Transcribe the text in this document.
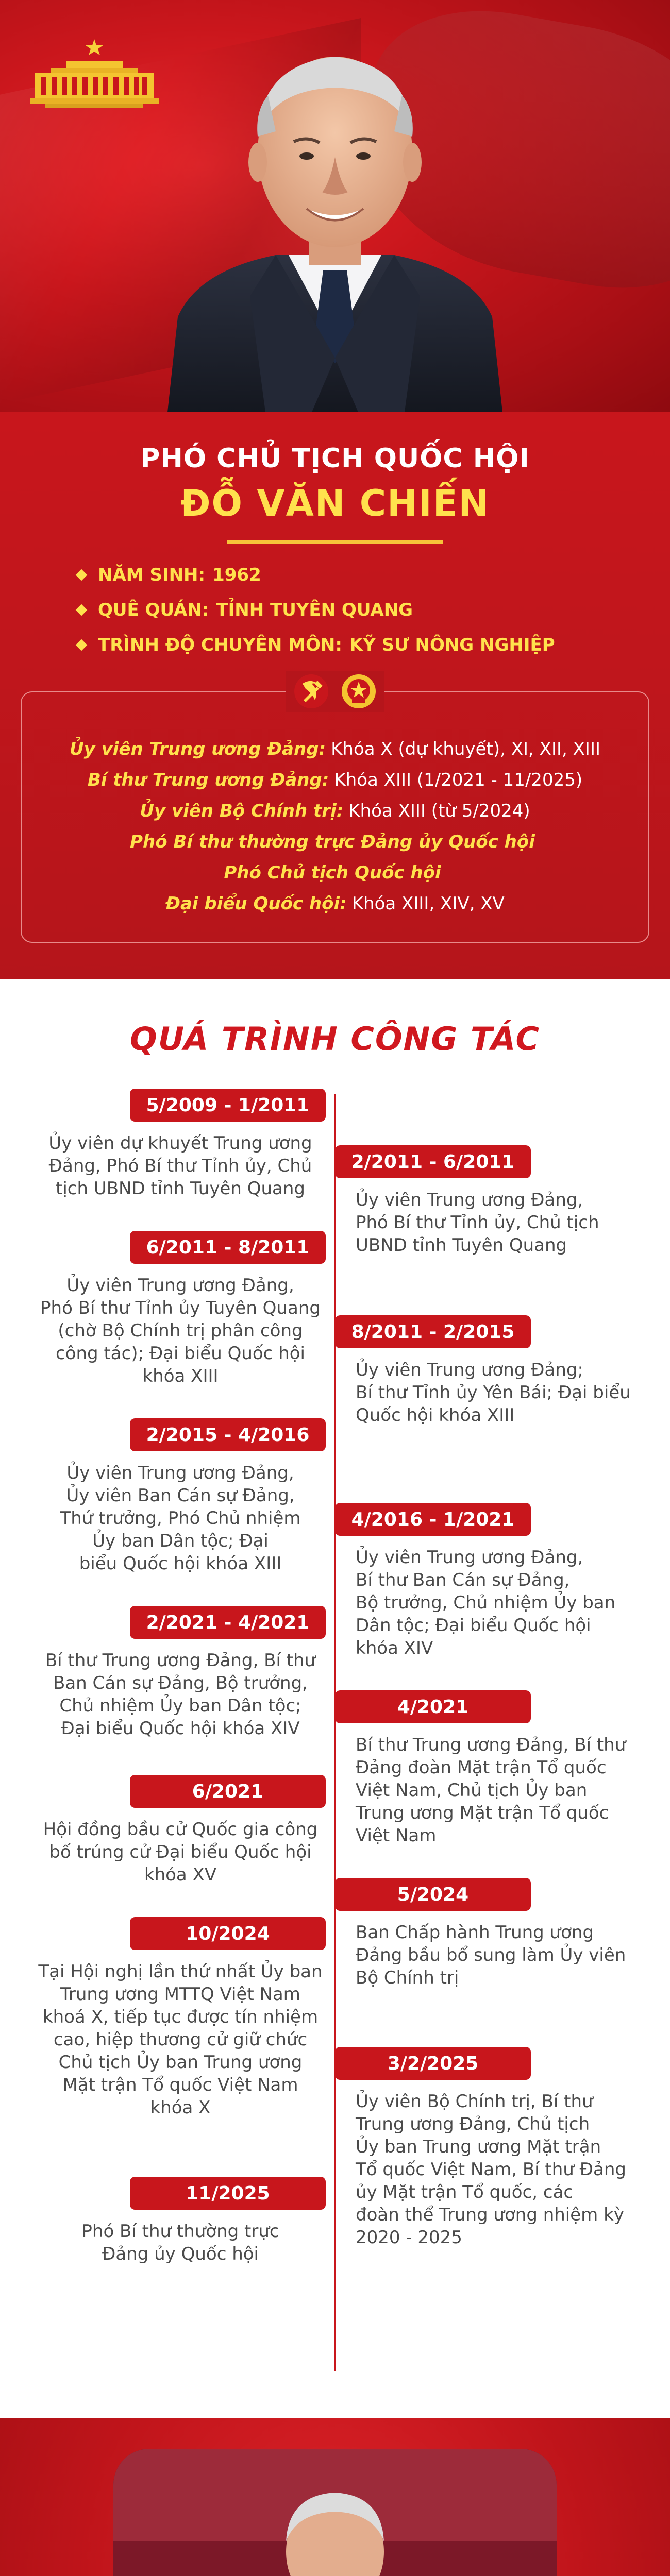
PHÓ CHỦ TỊCH QUỐC HỘI
ĐỖ VĂN CHIẾN
NĂM SINH: 1962
QUÊ QUÁN: TỈNH TUYÊN QUANG
TRÌNH ĐỘ CHUYÊN MÔN: KỸ SƯ NÔNG NGHIỆP
Ủy viên Trung ương Đảng: Khóa X (dự khuyết), XI, XII, XIII
Bí thư Trung ương Đảng: Khóa XIII (1/2021 - 11/2025)
Ủy viên Bộ Chính trị: Khóa XIII (từ 5/2024)
Phó Bí thư thường trực Đảng ủy Quốc hội
Phó Chủ tịch Quốc hội
Đại biểu Quốc hội: Khóa XIII, XIV, XV
QUÁ TRÌNH CÔNG TÁC
5/2009 - 1/2011
Ủy viên dự khuyết Trung ương
Đảng, Phó Bí thư Tỉnh ủy, Chủ
tịch UBND tỉnh Tuyên Quang
2/2011 - 6/2011
Ủy viên Trung ương Đảng,
Phó Bí thư Tỉnh ủy, Chủ tịch
UBND tỉnh Tuyên Quang
6/2011 - 8/2011
Ủy viên Trung ương Đảng,
Phó Bí thư Tỉnh ủy Tuyên Quang
(chờ Bộ Chính trị phân công
công tác); Đại biểu Quốc hội
khóa XIII
8/2011 - 2/2015
Ủy viên Trung ương Đảng;
Bí thư Tỉnh ủy Yên Bái; Đại biểu
Quốc hội khóa XIII
2/2015 - 4/2016
Ủy viên Trung ương Đảng,
Ủy viên Ban Cán sự Đảng,
Thứ trưởng, Phó Chủ nhiệm
Ủy ban Dân tộc; Đại
biểu Quốc hội khóa XIII
4/2016 - 1/2021
Ủy viên Trung ương Đảng,
Bí thư Ban Cán sự Đảng,
Bộ trưởng, Chủ nhiệm Ủy ban
Dân tộc; Đại biểu Quốc hội
khóa XIV
2/2021 - 4/2021
Bí thư Trung ương Đảng, Bí thư
Ban Cán sự Đảng, Bộ trưởng,
Chủ nhiệm Ủy ban Dân tộc;
Đại biểu Quốc hội khóa XIV
4/2021
Bí thư Trung ương Đảng, Bí thư
Đảng đoàn Mặt trận Tổ quốc
Việt Nam, Chủ tịch Ủy ban
Trung ương Mặt trận Tổ quốc
Việt Nam
6/2021
Hội đồng bầu cử Quốc gia công
bố trúng cử Đại biểu Quốc hội
khóa XV
5/2024
Ban Chấp hành Trung ương
Đảng bầu bổ sung làm Ủy viên
Bộ Chính trị
10/2024
Tại Hội nghị lần thứ nhất Ủy ban
Trung ương MTTQ Việt Nam
khoá X, tiếp tục được tín nhiệm
cao, hiệp thương cử giữ chức
Chủ tịch Ủy ban Trung ương
Mặt trận Tổ quốc Việt Nam
khóa X
3/2/2025
Ủy viên Bộ Chính trị, Bí thư
Trung ương Đảng, Chủ tịch
Ủy ban Trung ương Mặt trận
Tổ quốc Việt Nam, Bí thư Đảng
ủy Mặt trận Tổ quốc, các
đoàn thể Trung ương nhiệm kỳ
2020 - 2025
11/2025
Phó Bí thư thường trực
Đảng ủy Quốc hội
